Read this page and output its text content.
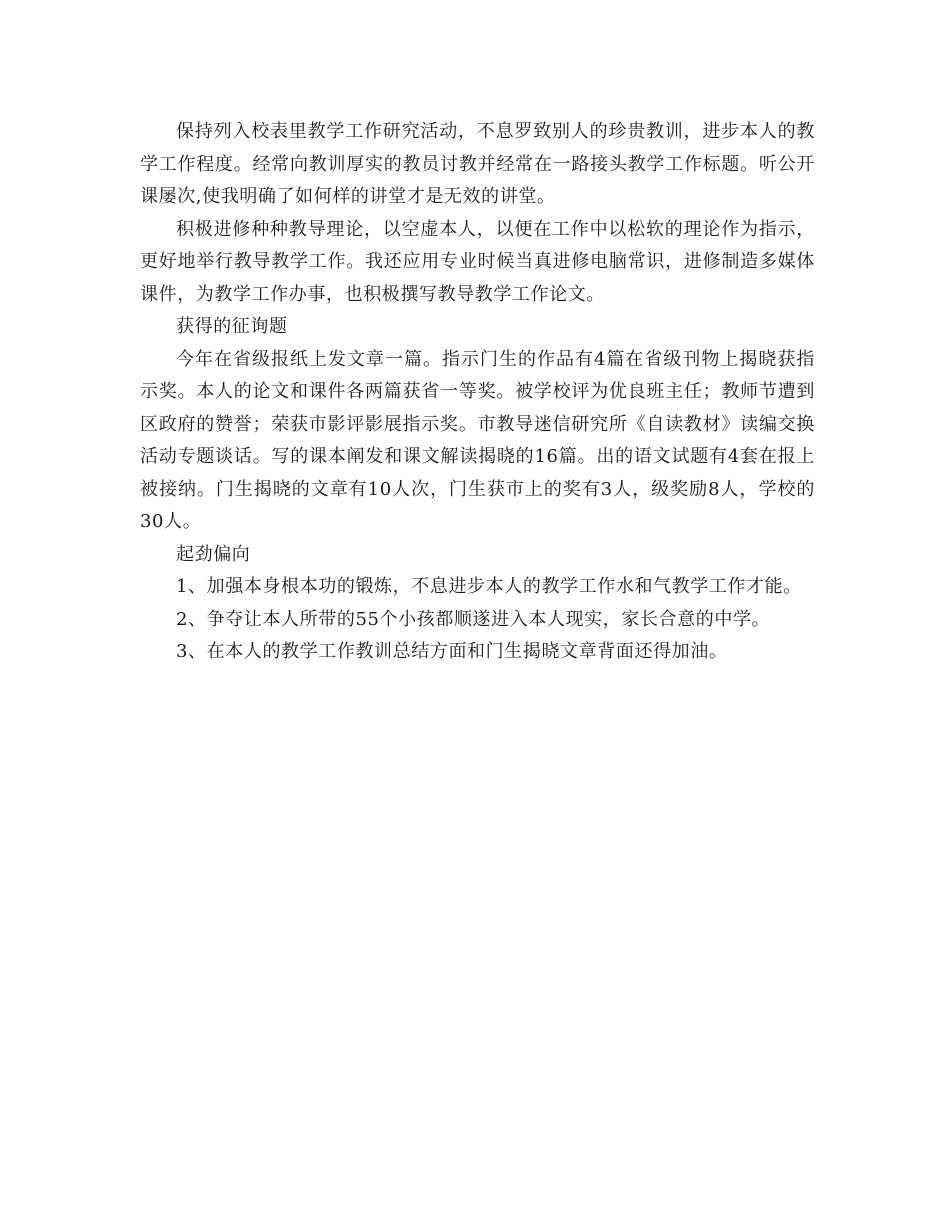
保持列入校表里教学工作研究活动，不息罗致别人的珍贵教训，进步本人的教学工作程度。经常向教训厚实的教员讨教并经常在一路接头教学工作标题。听公开课屡次,使我明确了如何样的讲堂才是无效的讲堂。

积极进修种种教导理论，以空虚本人，以便在工作中以松软的理论作为指示，更好地举行教导教学工作。我还应用专业时候当真进修电脑常识，进修制造多媒体课件，为教学工作办事，也积极撰写教导教学工作论文。

获得的征询题

今年在省级报纸上发文章一篇。指示门生的作品有4篇在省级刊物上揭晓获指示奖。本人的论文和课件各两篇获省一等奖。被学校评为优良班主任；教师节遭到区政府的赞誉；荣获市影评影展指示奖。市教导迷信研究所《自读教材》读编交换活动专题谈话。写的课本阐发和课文解读揭晓的16篇。出的语文试题有4套在报上被接纳。门生揭晓的文章有10人次，门生获市上的奖有3人，级奖励8人，学校的30人。

起劲偏向

1、加强本身根本功的锻炼，不息进步本人的教学工作水和气教学工作才能。

2、争夺让本人所带的55个小孩都顺遂进入本人现实，家长合意的中学。

3、在本人的教学工作教训总结方面和门生揭晓文章背面还得加油。
